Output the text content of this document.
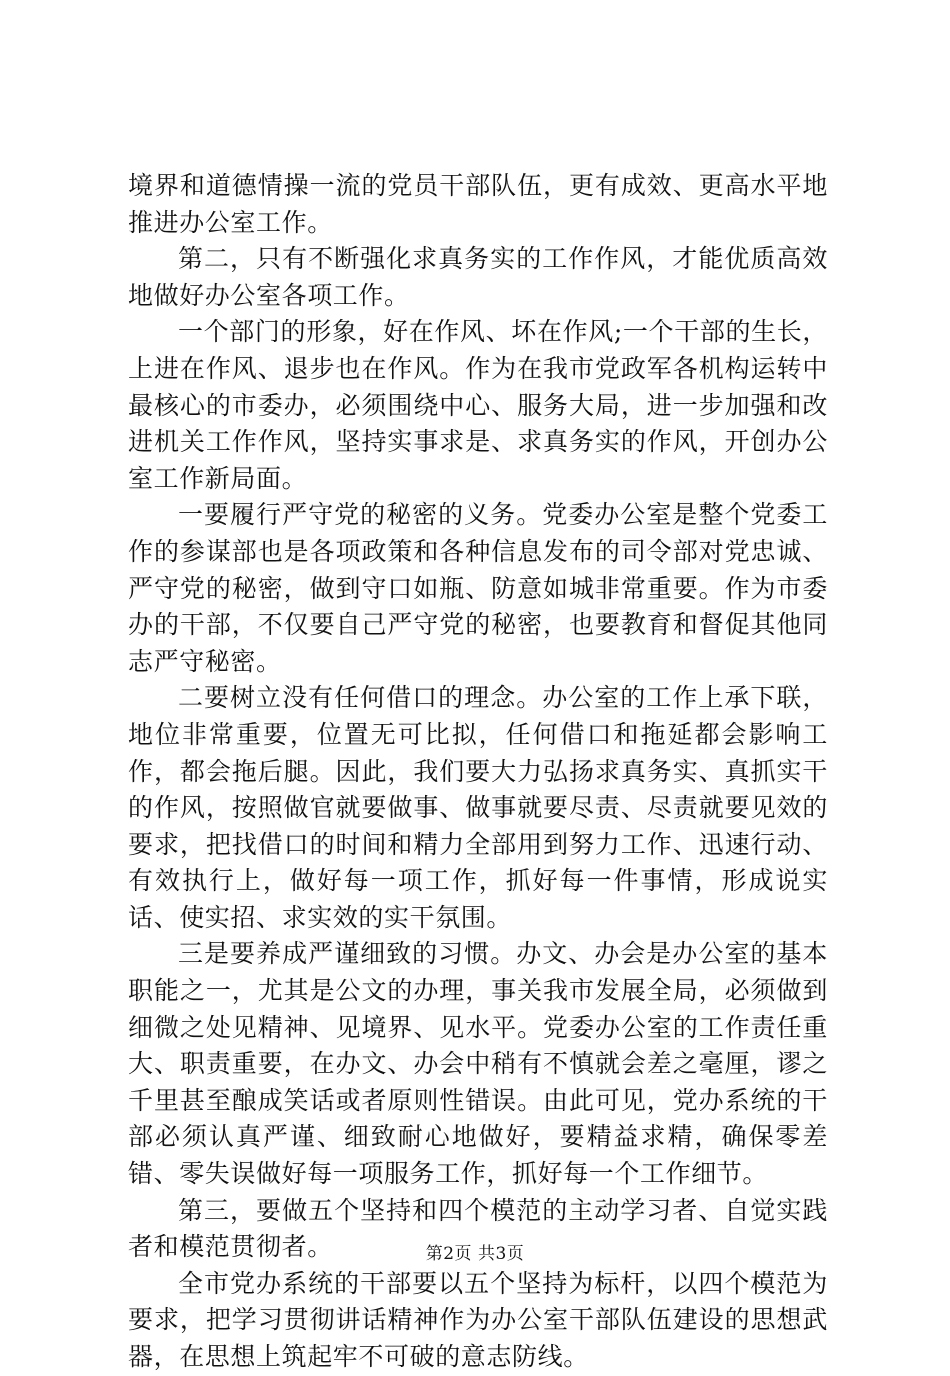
境界和道德情操一流的党员干部队伍，更有成效、更高水平地推进办公室工作。

第二，只有不断强化求真务实的工作作风，才能优质高效地做好办公室各项工作。

一个部门的形象，好在作风、坏在作风;一个干部的生长，上进在作风、退步也在作风。作为在我市党政军各机构运转中最核心的市委办，必须围绕中心、服务大局，进一步加强和改进机关工作作风，坚持实事求是、求真务实的作风，开创办公室工作新局面。

一要履行严守党的秘密的义务。党委办公室是整个党委工作的参谋部也是各项政策和各种信息发布的司令部对党忠诚、严守党的秘密，做到守口如瓶、防意如城非常重要。作为市委办的干部，不仅要自己严守党的秘密，也要教育和督促其他同志严守秘密。

二要树立没有任何借口的理念。办公室的工作上承下联，地位非常重要，位置无可比拟，任何借口和拖延都会影响工作，都会拖后腿。因此，我们要大力弘扬求真务实、真抓实干的作风，按照做官就要做事、做事就要尽责、尽责就要见效的要求，把找借口的时间和精力全部用到努力工作、迅速行动、有效执行上，做好每一项工作，抓好每一件事情，形成说实话、使实招、求实效的实干氛围。

三是要养成严谨细致的习惯。办文、办会是办公室的基本职能之一，尤其是公文的办理，事关我市发展全局，必须做到细微之处见精神、见境界、见水平。党委办公室的工作责任重大、职责重要，在办文、办会中稍有不慎就会差之毫厘，谬之千里甚至酿成笑话或者原则性错误。由此可见，党办系统的干部必须认真严谨、细致耐心地做好，要精益求精，确保零差错、零失误做好每一项服务工作，抓好每一个工作细节。

第三，要做五个坚持和四个模范的主动学习者、自觉实践者和模范贯彻者。

全市党办系统的干部要以五个坚持为标杆，以四个模范为要求，把学习贯彻讲话精神作为办公室干部队伍建设的思想武器，在思想上筑起牢不可破的意志防线。

第2页 共3页
